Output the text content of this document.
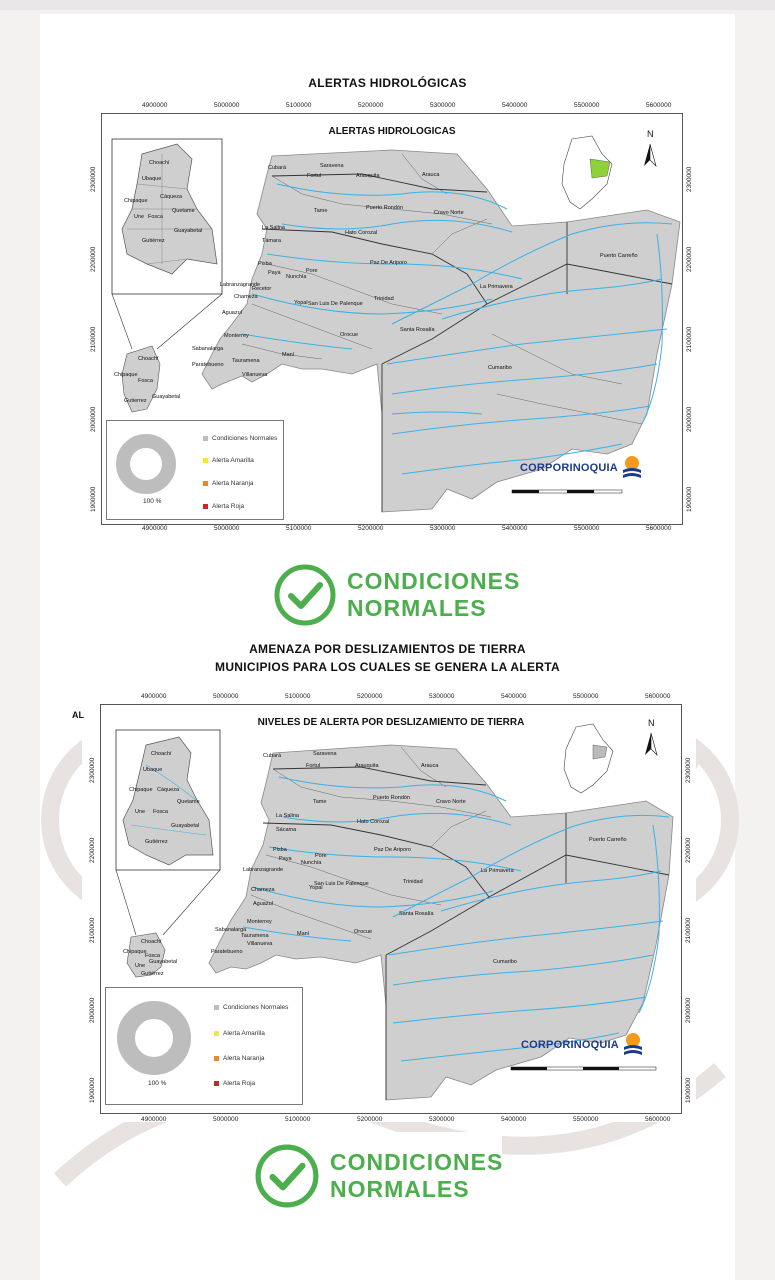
ALERTAS HIDROLÓGICAS
ALERTAS HIDROLOGICAS
Choachí
Ubaque
Chipaque
Cáqueza
Quetame
Une Fosca
Guayabetal
Gutiérrez
Choachí
Chipaque
Fosca
Gutierrez
Guayabetal
N
Cubará	Saravena
Fortul	Arauquita	Arauca
Tame	Puerto Rondón
Cravo Norte
Hato Corozal
La Salina
Támara
Paz De Ariporo
Puerto Carreño
Pore
Nunchía
Pisba
Paya
Labranzagrande
Recetor
Chameza
Yopal San Luis De Palenque
Trinidad
La Primavera
Aguazul
Monterrey	Orocue
Santa Rosalía
Sabanalarga
Tauramena
Maní
Paratebueno
Villanueva
Cumaribo
4900000	5000000	5100000	5200000	5300000	5400000	5500000	5600000
4900000	5000000	5100000	5200000	5300000	5400000	5500000	5600000
2300000
2200000
2100000
2000000
1900000
2300000
2200000
2100000
2000000
1900000
100 %
Condiciones Normales
Alerta Amarilla
Alerta Naranja
Alerta Roja
CORPORINOQUIA
CONDICIONES NORMALES
AMENAZA POR DESLIZAMIENTOS DE TIERRA
MUNICIPIOS PARA LOS CUALES SE GENERA LA ALERTA
AL
NIVELES DE ALERTA POR DESLIZAMIENTO DE TIERRA
Choachí
Ubaque
Chipaque Cáqueza
Quetame
Une Fosca
Guayabetal
Gutiérrez
Choachí
Chipaque
Fosca
Une
Guayabetal
Gutiérrez
N
Cubará	Saravena
Fortul	Arauquita	Arauca
Tame
Puerto Rondón
Cravo Norte
Hato Corozal
La Salina
Sácama
Paz De Ariporo
Puerto Carreño
Pore
Nunchía
Pisba
Paya
Labranzagrande
Chameza	Yopal
San Luis De Palenque	Trinidad
La Primavera
Aguazul
Monterrey
Orocue
Santa Rosalía
Sabanalarga
Tauramena	Maní
Paratebueno
Villanueva
Cumaribo
4900000	5000000	5100000	5200000	5300000	5400000	5500000	5600000
4900000	5000000	5100000	5200000	5300000	5400000	5500000	5600000
2300000
2200000
2100000
2000000
1900000
2300000
2200000
2100000
2000000
1900000
100 %
Condiciones Normales
Alerta Amarilla
Alerta Naranja
Alerta Roja
CORPORINOQUIA
CONDICIONES NORMALES
